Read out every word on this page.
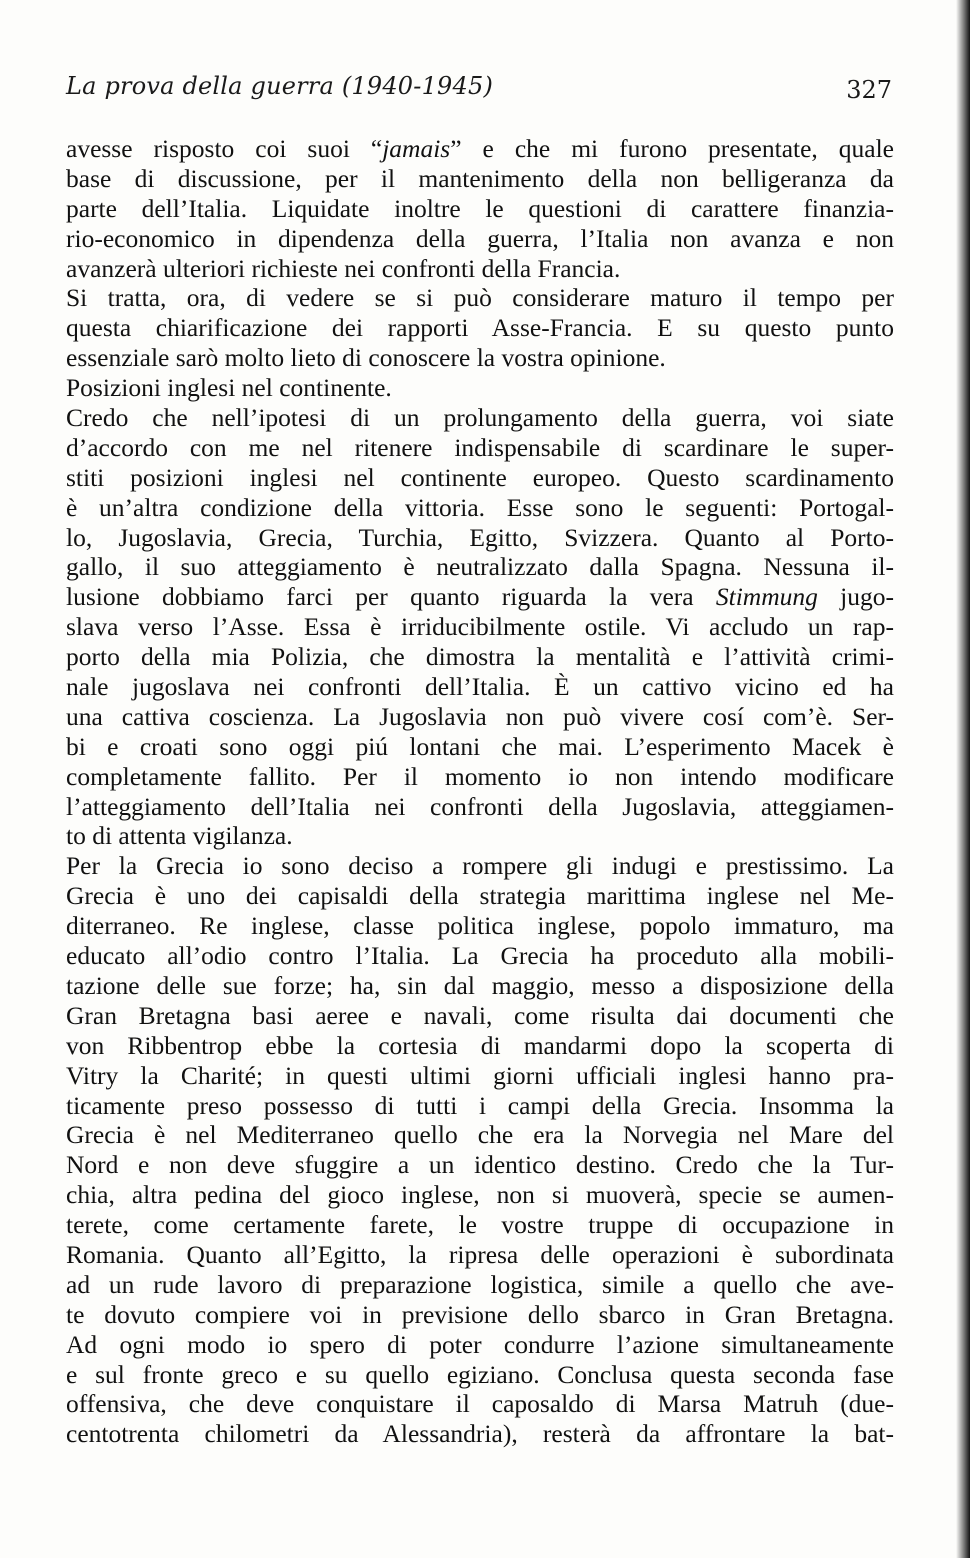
La prova della guerra (1940-1945)	327
avesse risposto coi suoi “jamais” e che mi furono presentate, quale
base di discussione, per il mantenimento della non belligeranza da
parte dell’Italia. Liquidate inoltre le questioni di carattere finanzia-
rio-economico in dipendenza della guerra, l’Italia non avanza e non
avanzerà ulteriori richieste nei confronti della Francia.
Si tratta, ora, di vedere se si può considerare maturo il tempo per
questa chiarificazione dei rapporti Asse-Francia. E su questo punto
essenziale sarò molto lieto di conoscere la vostra opinione.
Posizioni inglesi nel continente.
Credo che nell’ipotesi di un prolungamento della guerra, voi siate
d’accordo con me nel ritenere indispensabile di scardinare le super-
stiti posizioni inglesi nel continente europeo. Questo scardinamento
è un’altra condizione della vittoria. Esse sono le seguenti: Portogal-
lo, Jugoslavia, Grecia, Turchia, Egitto, Svizzera. Quanto al Porto-
gallo, il suo atteggiamento è neutralizzato dalla Spagna. Nessuna il-
lusione dobbiamo farci per quanto riguarda la vera Stimmung jugo-
slava verso l’Asse. Essa è irriducibilmente ostile. Vi accludo un rap-
porto della mia Polizia, che dimostra la mentalità e l’attività crimi-
nale jugoslava nei confronti dell’Italia. È un cattivo vicino ed ha
una cattiva coscienza. La Jugoslavia non può vivere cosí com’è. Ser-
bi e croati sono oggi piú lontani che mai. L’esperimento Macek è
completamente fallito. Per il momento io non intendo modificare
l’atteggiamento dell’Italia nei confronti della Jugoslavia, atteggiamen-
to di attenta vigilanza.
Per la Grecia io sono deciso a rompere gli indugi e prestissimo. La
Grecia è uno dei capisaldi della strategia marittima inglese nel Me-
diterraneo. Re inglese, classe politica inglese, popolo immaturo, ma
educato all’odio contro l’Italia. La Grecia ha proceduto alla mobili-
tazione delle sue forze; ha, sin dal maggio, messo a disposizione della
Gran Bretagna basi aeree e navali, come risulta dai documenti che
von Ribbentrop ebbe la cortesia di mandarmi dopo la scoperta di
Vitry la Charité; in questi ultimi giorni ufficiali inglesi hanno pra-
ticamente preso possesso di tutti i campi della Grecia. Insomma la
Grecia è nel Mediterraneo quello che era la Norvegia nel Mare del
Nord e non deve sfuggire a un identico destino. Credo che la Tur-
chia, altra pedina del gioco inglese, non si muoverà, specie se aumen-
terete, come certamente farete, le vostre truppe di occupazione in
Romania. Quanto all’Egitto, la ripresa delle operazioni è subordinata
ad un rude lavoro di preparazione logistica, simile a quello che ave-
te dovuto compiere voi in previsione dello sbarco in Gran Bretagna.
Ad ogni modo io spero di poter condurre l’azione simultaneamente
e sul fronte greco e su quello egiziano. Conclusa questa seconda fase
offensiva, che deve conquistare il caposaldo di Marsa Matruh (due-
centotrenta chilometri da Alessandria), resterà da affrontare la bat-
